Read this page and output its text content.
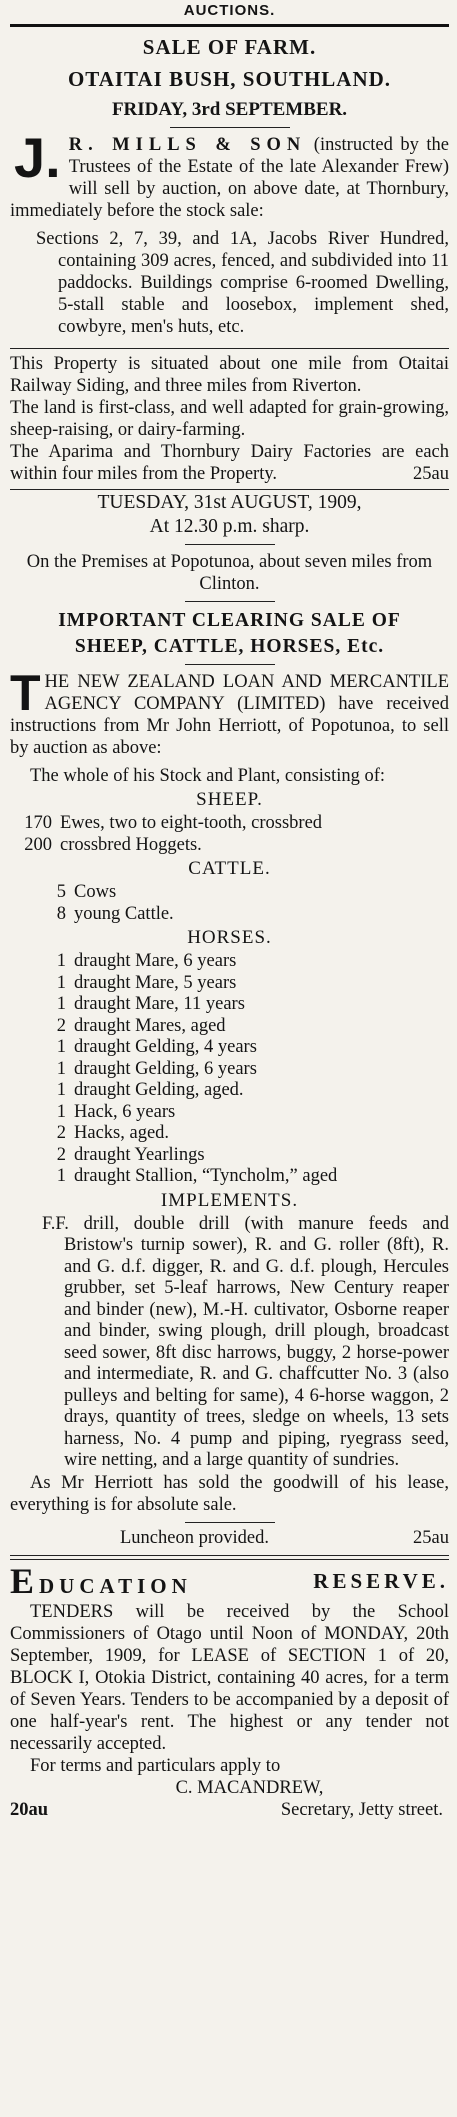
AUCTIONS.
SALE OF FARM.
OTAITAI BUSH, SOUTHLAND.
FRIDAY, 3rd SEPTEMBER.
J. R. MILLS & SON (instructed by the Trustees of the Estate of the late Alexander Frew) will sell by auction, on above date, at Thornbury, immediately before the stock sale:
Sections 2, 7, 39, and 1A, Jacobs River Hundred, containing 309 acres, fenced, and subdivided into 11 paddocks. Buildings comprise 6-roomed Dwelling, 5-stall stable and loosebox, implement shed, cowbyre, men's huts, etc.
This Property is situated about one mile from Otaitai Railway Siding, and three miles from Riverton.
The land is first-class, and well adapted for grain-growing, sheep-raising, or dairy-farming.
The Aparima and Thornbury Dairy Factories are each within four miles from the Property.	25au
TUESDAY, 31st AUGUST, 1909,
At 12.30 p.m. sharp.
On the Premises at Popotunoa, about seven miles from Clinton.
IMPORTANT CLEARING SALE OF
SHEEP, CATTLE, HORSES, Etc.
T HE NEW ZEALAND LOAN AND MERCANTILE AGENCY COMPANY (LIMITED) have received instructions from Mr John Herriott, of Popotunoa, to sell by auction as above:
The whole of his Stock and Plant, consisting of:
SHEEP.
170 Ewes, two to eight-tooth, crossbred
200 crossbred Hoggets.
CATTLE.
5 Cows
8 young Cattle.
HORSES.
1 draught Mare, 6 years
1 draught Mare, 5 years
1 draught Mare, 11 years
2 draught Mares, aged
1 draught Gelding, 4 years
1 draught Gelding, 6 years
1 draught Gelding, aged.
1 Hack, 6 years
2 Hacks, aged.
2 draught Yearlings
1 draught Stallion, “Tyncholm,” aged
IMPLEMENTS.
F.F. drill, double drill (with manure feeds and Bristow's turnip sower), R. and G. roller (8ft), R. and G. d.f. digger, R. and G. d.f. plough, Hercules grubber, set 5-leaf harrows, New Century reaper and binder (new), M.-H. cultivator, Osborne reaper and binder, swing plough, drill plough, broadcast seed sower, 8ft disc harrows, buggy, 2 horse-power and intermediate, R. and G. chaffcutter No. 3 (also pulleys and belting for same), 4 6-horse waggon, 2 drays, quantity of trees, sledge on wheels, 13 sets harness, No. 4 pump and piping, ryegrass seed, wire netting, and a large quantity of sundries.
As Mr Herriott has sold the goodwill of his lease, everything is for absolute sale.
Luncheon provided.	25au
EDUCATION	RESERVE.
TENDERS will be received by the School Commissioners of Otago until Noon of MONDAY, 20th September, 1909, for LEASE of SECTION 1 of 20, BLOCK I, Otokia District, containing 40 acres, for a term of Seven Years. Tenders to be accompanied by a deposit of one half-year's rent. The highest or any tender not necessarily accepted.
For terms and particulars apply to
C. MACANDREW,
20au	Secretary, Jetty street.
